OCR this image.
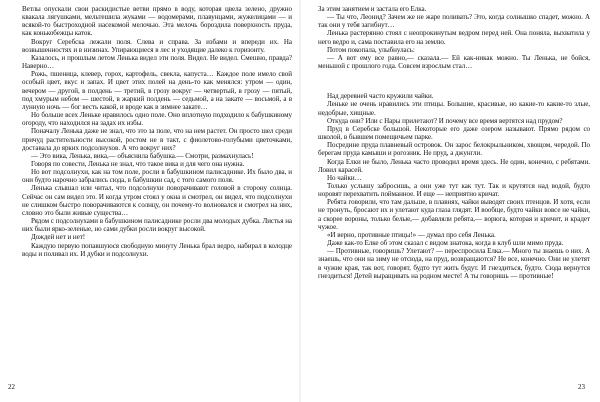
Ветлы опускали свои раскидистые ветви прямо в воду, которая цвела зелено, дружно квакала лягушками, мельтешила жуками — водомерами, плавунцами, жужелицами — и всякой-то быстроходной насекомой мелочью. Эта мелочь бороздила поверхность пруда, как конькобежцы каток.

Вокруг Серебска лежали поля. Слева и справа. За избами и впереди их. На возвышенностях и в низинах. Упирающиеся в лес и уходящие далеко к горизонту.

Казалось, и прошлым летом Ленька видел эти поля. Видел. Не видел. Смешно, правда? Наверно…

Рожь, пшеница, клевер, горох, картофель, свекла, капуста… Каждое поле имело свой особый цвет, вкус и запах. И цвет этих полей на день-то как менялся: утром — один, вечером — другой, в полдень — третий, в грозу вокруг — четвертый, в грозу — пятый, под хмурым небом — шестой, в жаркий полдень — седьмой, а на закате — восьмой, а в лунную ночь — бог весть какой, и вроде как в зимнее закате…

Но больше всех Леньке нравилось одно поле. Оно вплотную подходило к бабушкиному огороду, что находился на задах их избы.

Поначалу Ленька даже не знал, что это за поле, что на нем растет. Он просто шел среди причуд растительности высокой, ростом не в такт, с фиолетово-голубыми цветочками, доставала до ярких подсолнухов. А что вокруг них?

— Это вика, Ленька, вика,— объяснила бабушка.— Смотри, размахнулась!

Говоря по совести, Ленька не знал, что такое вика и для чего она нужна.

Но вот подсолнухи, как на том поле, росли в бабушкином палисаднике. Их было два, и они будто нарочно забрались сюда, в бабушкин сад, с того самого поля.

Ленька слышал или читал, что подсолнухи поворачивают головой в сторону солнца. Сейчас он сам видел это. И когда утром стоял у окна и смотрел, он видел, что подсолнухи не слишком быстро поворачиваются к солнцу, он почему-то волновался и смотрел на них, словно это были живые существа…

Рядом с подсолнухами в бабушкином палисаднике росли два молодых дубка. Листья на них были ярко-зеленые, но сами дубки росли вокруг высокой.

Дождей нет и нет!

Каждую первую попавшуюся свободную минуту Ленька брал ведро, набирал в колодце воды и поливал их. И дубки и подсолнухи.

За этим занятием и застала его Елка.

— Ты что, Леонид? Зачем же не жаре поливать? Это, когда солнышко спадет, можно. А так они у тебя загибнут…

Ленька растерянно стоял с неопрокинутым ведром перед ней. Она поняла, выхватила у него ведро и, сама поставила его на землю.

Потом покопала, улыбнулась:

— А вот ему все равно,— сказала.— Ей как-никак можно. Ты Ленька, не бойся, меньшой с прошлого года. Совсем взрослым стал…

Над деревней часто кружили чайки.

Леньке не очень нравились эти птицы. Большие, красивые, но какие-то какие-то злые, недобрые, хищные.

Откуда они? Или с Нары прилетают? И почему все время вертятся над прудом?

Пруд в Серебске большой. Некоторые его даже озером называют. Прямо рядом со школой, в бывшем помещичьем парке.

Посредине пруда плавневый островок. Он зарос белокрыльником, хвощом, чередой. По берегам пруда камыши и рогозник. Не пруд, а джунгли.

Когда Елки не было, Ленька часто проводил время здесь. Не один, конечно, с ребятами. Ловил карасей.

Но чайки…

Только услышу забросишь, а они уже тут как тут. Так и крутятся над водой, будто норовят перехватить пойманное. И еще — неприятно кричат.

Ребята говорили, что там дальше, в плавнях, чайки выводят своих птенцов. И хотя, если не тронуть, бросают их и улетают куда глаза глядят. И вообще, будто чайки вовсе не чайки, а скорее вороны, только белые,— добавляли ребята,— ворюга, которая и кричит, и крадет чужое.

«И верно, противные птицы!» — думал про себя Ленька.

Даже как-то Елке об этом сказал с видом знатока, когда в клуб шли мимо пруда.

— Противные, говоришь? Улетают? — переспросила Елка.— Много ты знаешь о них. А знаешь, что они на зиму не отсюда, на пруд, возвращаются? Не все, конечно. Они не улетят в чужие края, так вот, говорят, будто тут жить будут. И гнездиться, будто. Сюда вернутся гнездиться! Детей выращивать на родном месте! А ты говоришь — противные!

22	23
